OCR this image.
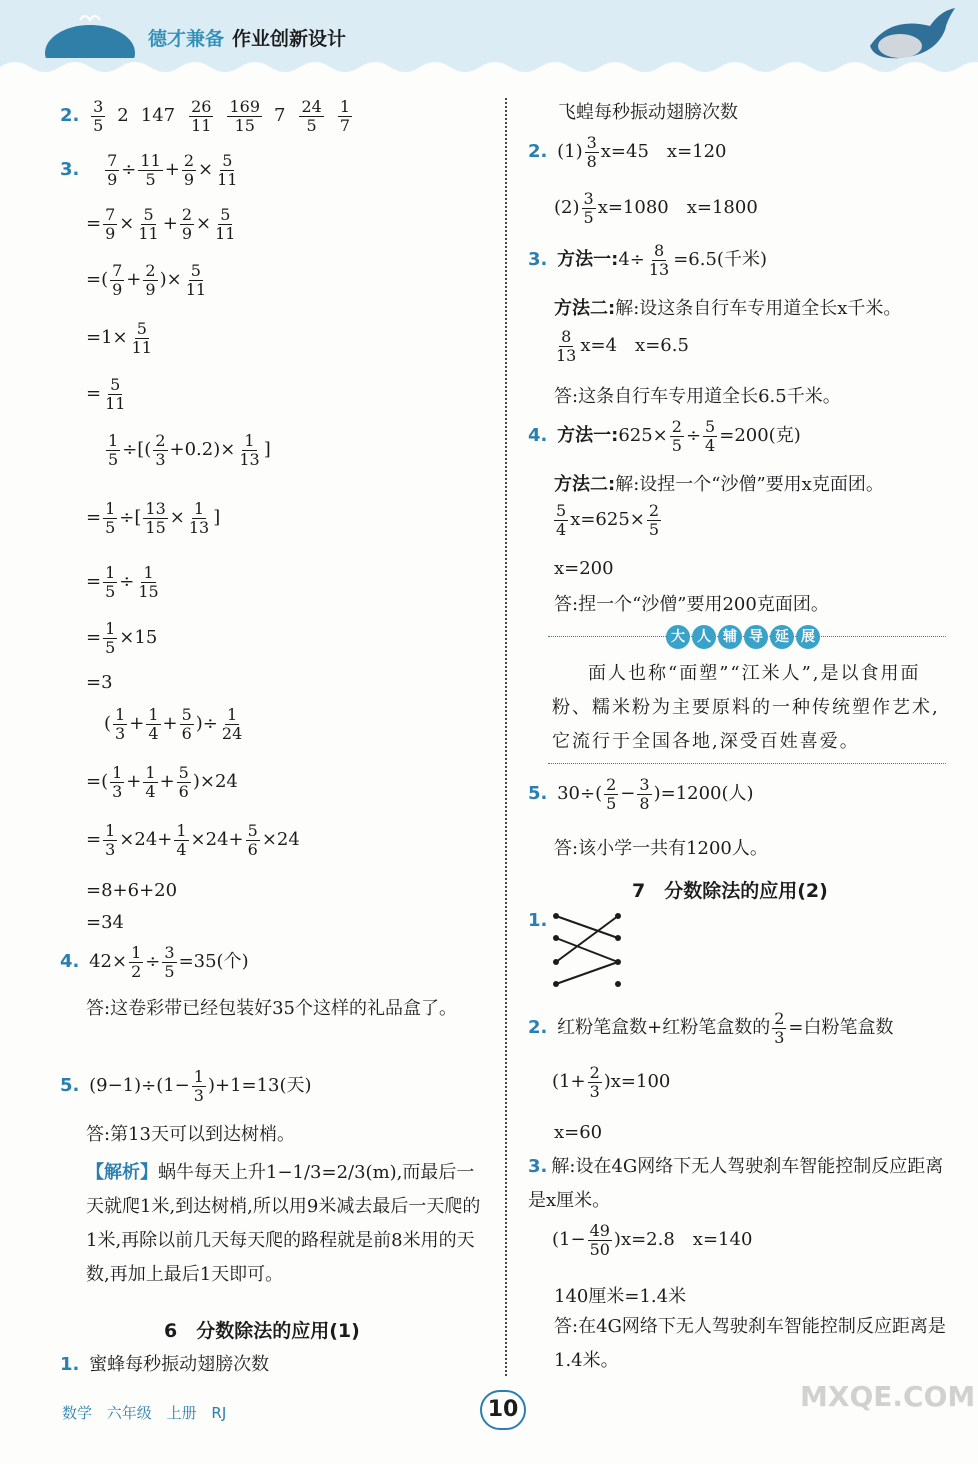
德才兼备 作业创新设计
2. $\frac{3}{5} 2$ $147 \frac{26}{11} \frac{169}{15} 7 \frac{24}{5} \frac{1}{7}$
3. $\frac{7}{9} \div \frac{11}{5} + \frac{2}{9} \times \frac{5}{11}$
= $\frac{7}{9} \times \frac{5}{11} + \frac{2}{9} \times \frac{5}{11}$
=( $\frac{7}{9} + \frac{2}{9}$ )× $\frac{5}{11}$
$=1\times \frac{5}{11}$
= $\frac{5}{11}$
$\frac{1}{5}$ ÷[( $\frac{2}{3} +0.2)\times \frac{1}{13}$ ]
= $\frac{1}{5}$ ÷[ $\frac{13}{15} \times \frac{1}{13}$ ]
= $\frac{1}{5} \div \frac{1}{15}$
= $\frac{1}{5} \times 15$
=3
( $\frac{1}{3} + \frac{1}{4} + \frac{5}{6}$ )÷ $\frac{1}{24}$
=( $\frac{1}{3} + \frac{1}{4} + \frac{5}{6} )\times 24$
= $\frac{1}{3} \times 24+ \frac{1}{4} \times 24+ \frac{5}{6} \times 24$
=8+6+20
=34
4. $42\times \frac{1}{2} \div \frac{3}{5} =35$(个)
答:这卷彩带已经包装好35个这样的礼品盒了。
5. $(9-1)\div(1- \frac{1}{3} )+1=13$(天)
答:第13天可以到达树梢。
【解析】蜗牛每天上升1−1/3=2/3(m),而最后一天就爬1米,到达树梢,所以用9米减去最后一天爬的1米,再除以前几天每天爬的路程就是前8米用的天数,再加上最后1天即可。
6　分数除法的应用(1)
1. 蜜蜂每秒振动翅膀次数
飞蝗每秒振动翅膀次数
2. $(1) \frac{3}{8} x=45$　x=120
$(2) \frac{3}{5} x=1080$　x=1800
3. 方法一:4÷ $\frac{8}{13} =6.5$(千米)
方法二:解:设这条自行车专用道全长x千米。
$\frac{8}{13} x=4$　x=6.5
答:这条自行车专用道全长6.5千米。
4. 方法一:625× $\frac{2}{5} \div \frac{5}{4} =200$(克)
方法二:解:设捏一个“沙僧”要用x克面团。
$\frac{5}{4} x=625\times \frac{2}{5}$
x=200
答:捏一个“沙僧”要用200克面团。
大 人 辅 导 延 展
面人也称“面塑”“江米人”,是以食用面粉、糯米粉为主要原料的一种传统塑作艺术,它流行于全国各地,深受百姓喜爱。
5. $30\div( \frac{2}{5} - \frac{3}{8} )=1200$(人)
答:该小学一共有1200人。
7　分数除法的应用(2)
1.
2. 红粉笔盒数+红粉笔盒数的 $\frac{2}{3}$ =白粉笔盒数
$(1+ \frac{2}{3} )x=100$
x=60
3. 解:设在4G网络下无人驾驶刹车智能控制反应距离是x厘米。
$(1- \frac{49}{50} )x=2.8$　x=140
140厘米=1.4米
答:在4G网络下无人驾驶刹车智能控制反应距离是1.4米。
数学 六年级 上册 RJ	10	MXQE.COM
